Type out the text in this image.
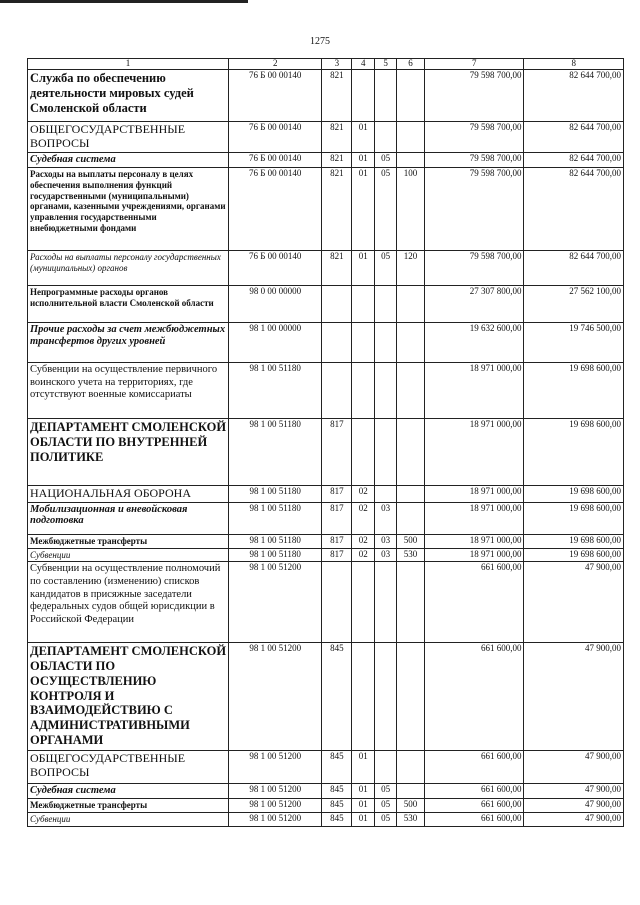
1275
1	2	3	4	5	6	7	8
Служба по обеспечению деятельности мировых судей Смоленской области	76 Б 00 00140	821				79 598 700,00	82 644 700,00
ОБЩЕГОСУДАРСТВЕННЫЕ ВОПРОСЫ	76 Б 00 00140	821	01			79 598 700,00	82 644 700,00
Судебная система	76 Б 00 00140	821	01	05		79 598 700,00	82 644 700,00
Расходы на выплаты персоналу в целях обеспечения выполнения функций государственными (муниципальными) органами, казенными учреждениями, органами управления государственными внебюджетными фондами	76 Б 00 00140	821	01	05	100	79 598 700,00	82 644 700,00
Расходы на выплаты персоналу государственных (муниципальных) органов	76 Б 00 00140	821	01	05	120	79 598 700,00	82 644 700,00
Непрограммные расходы органов исполнительной власти Смоленской области	98 0 00 00000					27 307 800,00	27 562 100,00
Прочие расходы за счет межбюджетных трансфертов других уровней	98 1 00 00000					19 632 600,00	19 746 500,00
Субвенции на осуществление первичного воинского учета на территориях, где отсутствуют военные комиссариаты	98 1 00 51180					18 971 000,00	19 698 600,00
ДЕПАРТАМЕНТ СМОЛЕНСКОЙ ОБЛАСТИ ПО ВНУТРЕННЕЙ ПОЛИТИКЕ	98 1 00 51180	817				18 971 000,00	19 698 600,00
НАЦИОНАЛЬНАЯ ОБОРОНА	98 1 00 51180	817	02			18 971 000,00	19 698 600,00
Мобилизационная и вневойсковая подготовка	98 1 00 51180	817	02	03		18 971 000,00	19 698 600,00
Межбюджетные трансферты	98 1 00 51180	817	02	03	500	18 971 000,00	19 698 600,00
Субвенции	98 1 00 51180	817	02	03	530	18 971 000,00	19 698 600,00
Субвенции на осуществление полномочий по составлению (изменению) списков кандидатов в присяжные заседатели федеральных судов общей юрисдикции в Российской Федерации	98 1 00 51200					661 600,00	47 900,00
ДЕПАРТАМЕНТ СМОЛЕНСКОЙ ОБЛАСТИ ПО ОСУЩЕСТВЛЕНИЮ КОНТРОЛЯ И ВЗАИМОДЕЙСТВИЮ С АДМИНИСТРАТИВНЫМИ ОРГАНАМИ	98 1 00 51200	845				661 600,00	47 900,00
ОБЩЕГОСУДАРСТВЕННЫЕ ВОПРОСЫ	98 1 00 51200	845	01			661 600,00	47 900,00
Судебная система	98 1 00 51200	845	01	05		661 600,00	47 900,00
Межбюджетные трансферты	98 1 00 51200	845	01	05	500	661 600,00	47 900,00
Субвенции	98 1 00 51200	845	01	05	530	661 600,00	47 900,00
